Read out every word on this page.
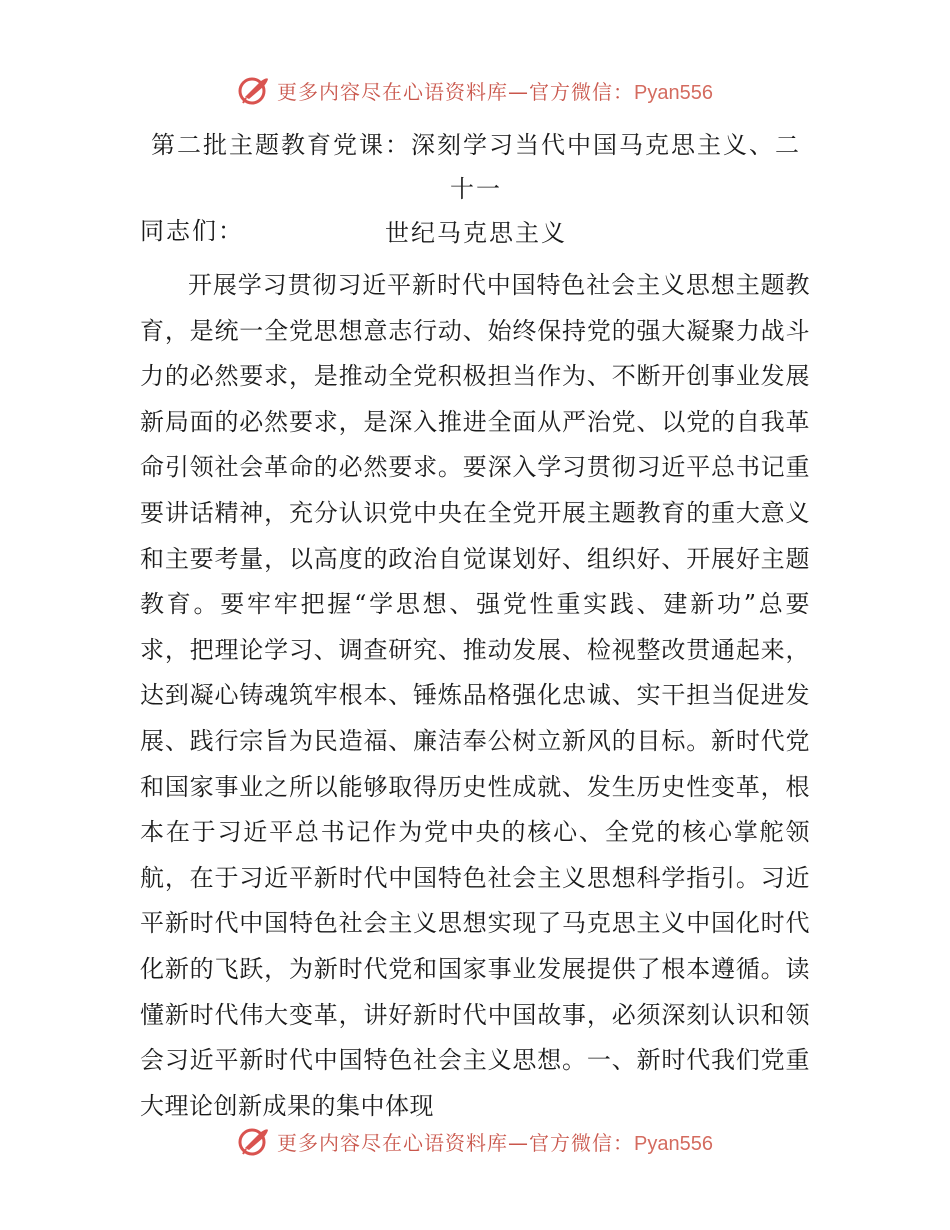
更多内容尽在心语资料库—官方微信：Pyan556
第二批主题教育党课：深刻学习当代中国马克思主义、二十一
世纪马克思主义

同志们：

开展学习贯彻习近平新时代中国特色社会主义思想主题教
育，是统一全党思想意志行动、始终保持党的强大凝聚力战斗
力的必然要求，是推动全党积极担当作为、不断开创事业发展
新局面的必然要求，是深入推进全面从严治党、以党的自我革
命引领社会革命的必然要求。要深入学习贯彻习近平总书记重
要讲话精神，充分认识党中央在全党开展主题教育的重大意义
和主要考量，以高度的政治自觉谋划好、组织好、开展好主题
教育。要牢牢把握“学思想、强党性重实践、建新功”总要
求，把理论学习、调查研究、推动发展、检视整改贯通起来，
达到凝心铸魂筑牢根本、锤炼品格强化忠诚、实干担当促进发
展、践行宗旨为民造福、廉洁奉公树立新风的目标。新时代党
和国家事业之所以能够取得历史性成就、发生历史性变革，根
本在于习近平总书记作为党中央的核心、全党的核心掌舵领
航，在于习近平新时代中国特色社会主义思想科学指引。习近
平新时代中国特色社会主义思想实现了马克思主义中国化时代
化新的飞跃，为新时代党和国家事业发展提供了根本遵循。读
懂新时代伟大变革，讲好新时代中国故事，必须深刻认识和领
会习近平新时代中国特色社会主义思想。一、新时代我们党重
大理论创新成果的集中体现
更多内容尽在心语资料库—官方微信：Pyan556
